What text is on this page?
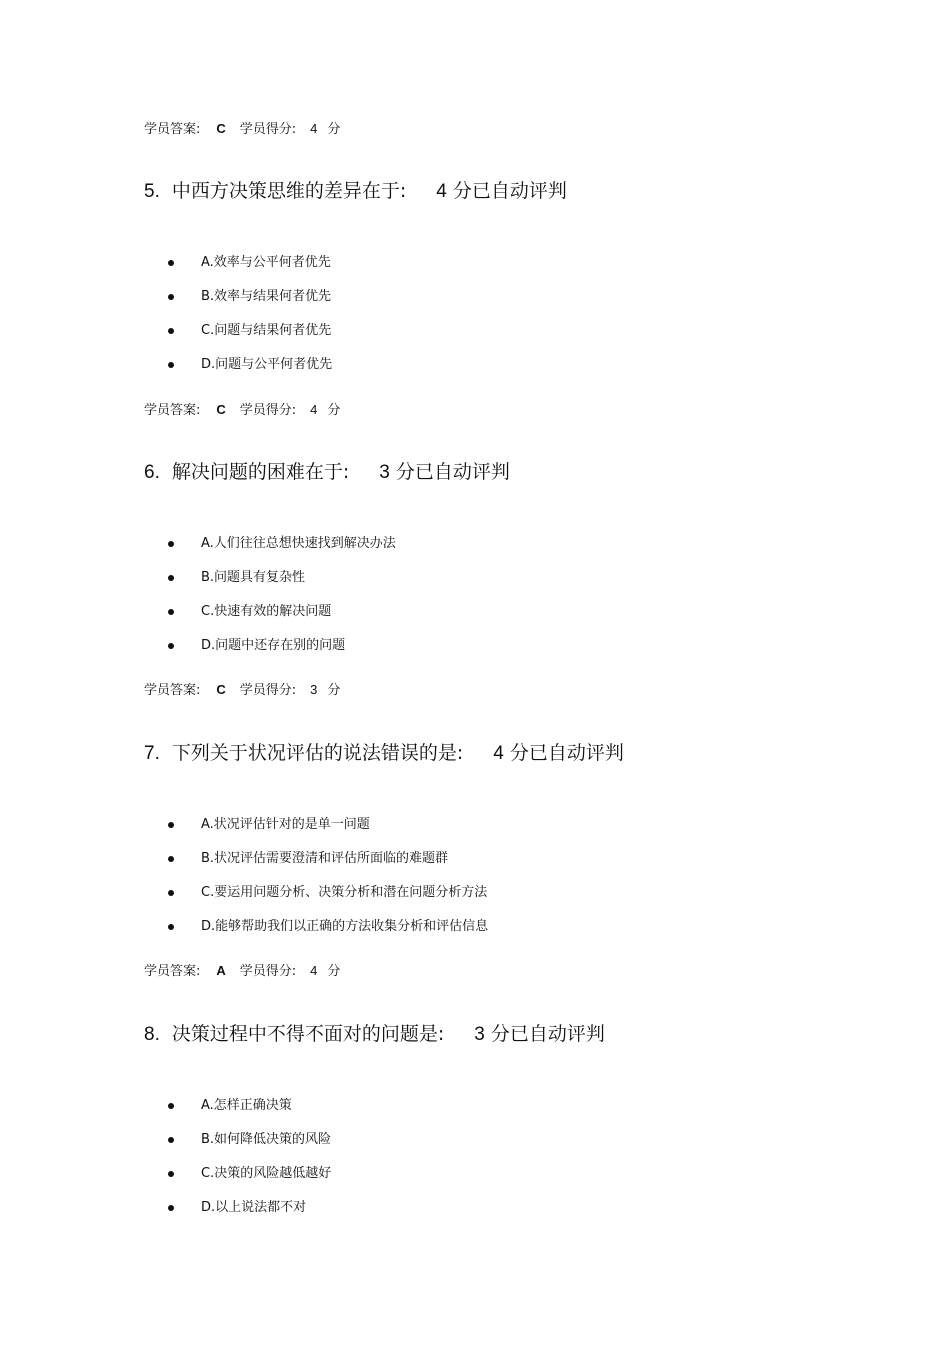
学员答案: C 学员得分: 4 分
5. 中西方决策思维的差异在于: 4 分已自动评判
A.效率与公平何者优先
B.效率与结果何者优先
C.问题与结果何者优先
D.问题与公平何者优先
学员答案: C 学员得分: 4 分
6. 解决问题的困难在于: 3 分已自动评判
A.人们往往总想快速找到解决办法
B.问题具有复杂性
C.快速有效的解决问题
D.问题中还存在别的问题
学员答案: C 学员得分: 3 分
7. 下列关于状况评估的说法错误的是: 4 分已自动评判
A.状况评估针对的是单一问题
B.状况评估需要澄清和评估所面临的难题群
C.要运用问题分析、决策分析和潜在问题分析方法
D.能够帮助我们以正确的方法收集分析和评估信息
学员答案: A 学员得分: 4 分
8. 决策过程中不得不面对的问题是: 3 分已自动评判
A.怎样正确决策
B.如何降低决策的风险
C.决策的风险越低越好
D.以上说法都不对
